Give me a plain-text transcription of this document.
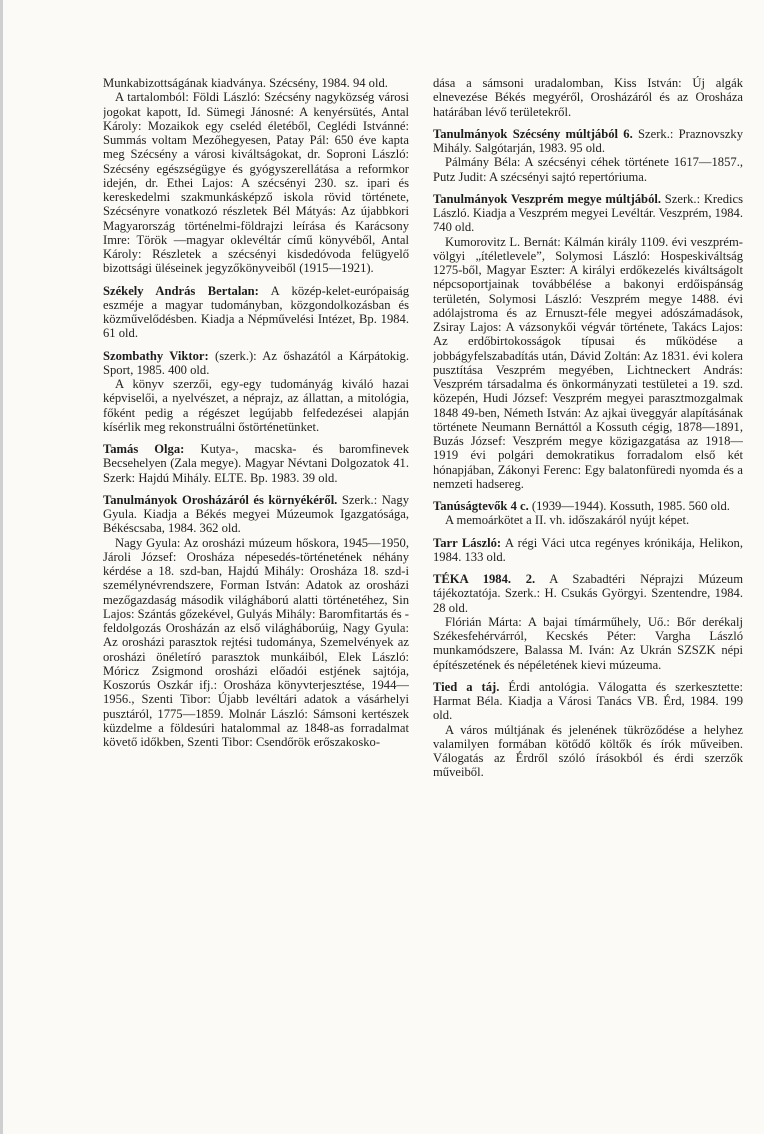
Munkabizottságának kiadványa. Szécsény, 1984. 94 old.

A tartalomból: Földi László: Szécsény nagyközség városi jogokat kapott, Id. Sümegi Jánosné: A kenyérsütés, Antal Károly: Mozaikok egy cseléd életéből, Ceglédi Istvánné: Summás voltam Mezőhegyesen, Patay Pál: 650 éve kapta meg Szécsény a városi kiváltságokat, dr. Soproni László: Szécsény egészségügye és gyógyszerellátása a reformkor idején, dr. Ethei Lajos: A szécsényi 230. sz. ipari és kereskedelmi szakmunkásképző iskola rövid története, Szécsényre vonatkozó részletek Bél Mátyás: Az újabbkori Magyarország történelmi-földrajzi leírása és Karácsony Imre: Török —magyar oklevéltár című könyvéből, Antal Károly: Részletek a szécsényi kisdedóvoda felügyelő bizottsági üléseinek jegyzőkönyveiből (1915—1921).

Székely András Bertalan: A közép-kelet-európaiság eszméje a magyar tudományban, közgondolkozásban és közművelődésben. Kiadja a Népművelési Intézet, Bp. 1984. 61 old.

Szombathy Viktor: (szerk.): Az őshazától a Kárpátokig. Sport, 1985. 400 old.

A könyv szerzői, egy-egy tudományág kiváló hazai képviselői, a nyelvészet, a néprajz, az állattan, a mitológia, főként pedig a régészet legújabb felfedezései alapján kísérlik meg rekonstruálni őstörténetünket.

Tamás Olga: Kutya-, macska- és baromfinevek Becsehelyen (Zala megye). Magyar Névtani Dolgozatok 41. Szerk: Hajdú Mihály. ELTE. Bp. 1983. 39 old.

Tanulmányok Orosházáról és környékéről. Szerk.: Nagy Gyula. Kiadja a Békés megyei Múzeumok Igazgatósága, Békéscsaba, 1984. 362 old.

Nagy Gyula: Az orosházi múzeum hőskora, 1945—1950, Jároli József: Orosháza népesedés-történetének néhány kérdése a 18. szd-ban, Hajdú Mihály: Orosháza 18. szd-i személynévrendszere, Forman István: Adatok az orosházi mezőgazdaság második világháború alatti történetéhez, Sin Lajos: Szántás gőzekével, Gulyás Mihály: Baromfitartás és -feldolgozás Orosházán az első világháborúig, Nagy Gyula: Az orosházi parasztok rejtési tudománya, Szemelvények az orosházi önéletíró parasztok munkáiból, Elek László: Móricz Zsigmond orosházi előadói estjének sajtója, Koszorús Oszkár ifj.: Orosháza könyvterjesztése, 1944—1956., Szenti Tibor: Újabb levéltári adatok a vásárhelyi pusztáról, 1775—1859. Molnár László: Sámsoni kertészek küzdelme a földesúri hatalommal az 1848-as forradalmat követő időkben, Szenti Tibor: Csendőrök erőszakosko-

dása a sámsoni uradalomban, Kiss István: Új algák elnevezése Békés megyéről, Orosházáról és az Orosháza határában lévő területekről.

Tanulmányok Szécsény múltjából 6. Szerk.: Praznovszky Mihály. Salgótarján, 1983. 95 old.

Pálmány Béla: A szécsényi céhek története 1617—1857., Putz Judit: A szécsényi sajtó repertóriuma.

Tanulmányok Veszprém megye múltjából. Szerk.: Kredics László. Kiadja a Veszprém megyei Levéltár. Veszprém, 1984. 740 old.

Kumorovitz L. Bernát: Kálmán király 1109. évi veszprém-völgyi „ítéletlevele”, Solymosi László: Hospeskiváltság 1275-ből, Magyar Eszter: A királyi erdőkezelés kiváltságolt népcsoportjainak továbbélése a bakonyi erdőispánság területén, Solymosi László: Veszprém megye 1488. évi adólajstroma és az Ernuszt-féle megyei adószámadások, Zsiray Lajos: A vázsonykői végvár története, Takács Lajos: Az erdőbirtokosságok típusai és működése a jobbágyfelszabadítás után, Dávid Zoltán: Az 1831. évi kolera pusztítása Veszprém megyében, Lichtneckert András: Veszprém társadalma és önkormányzati testületei a 19. szd. közepén, Hudi József: Veszprém megyei parasztmozgalmak 1848 49-ben, Németh István: Az ajkai üveggyár alapításának története Neumann Bernáttól a Kossuth cégig, 1878—1891, Buzás József: Veszprém megye közigazgatása az 1918—1919 évi polgári demokratikus forradalom első két hónapjában, Zákonyi Ferenc: Egy balatonfüredi nyomda és a nemzeti hadsereg.

Tanúságtevők 4 c. (1939—1944). Kossuth, 1985. 560 old.

A memoárkötet a II. vh. időszakáról nyújt képet.

Tarr László: A régi Váci utca regényes krónikája, Helikon, 1984. 133 old.

TÉKA 1984. 2. A Szabadtéri Néprajzi Múzeum tájékoztatója. Szerk.: H. Csukás Györgyi. Szentendre, 1984. 28 old.

Flórián Márta: A bajai tímárműhely, Uő.: Bőr derékalj Székesfehérvárról, Kecskés Péter: Vargha László munkamódszere, Balassa M. Iván: Az Ukrán SZSZK népi építészetének és népéletének kievi múzeuma.

Tied a táj. Érdi antológia. Válogatta és szerkesztette: Harmat Béla. Kiadja a Városi Tanács VB. Érd, 1984. 199 old.

A város múltjának és jelenének tükröződése a helyhez valamilyen formában kötődő költők és írók műveiben. Válogatás az Érdről szóló írásokból és érdi szerzők műveiből.
